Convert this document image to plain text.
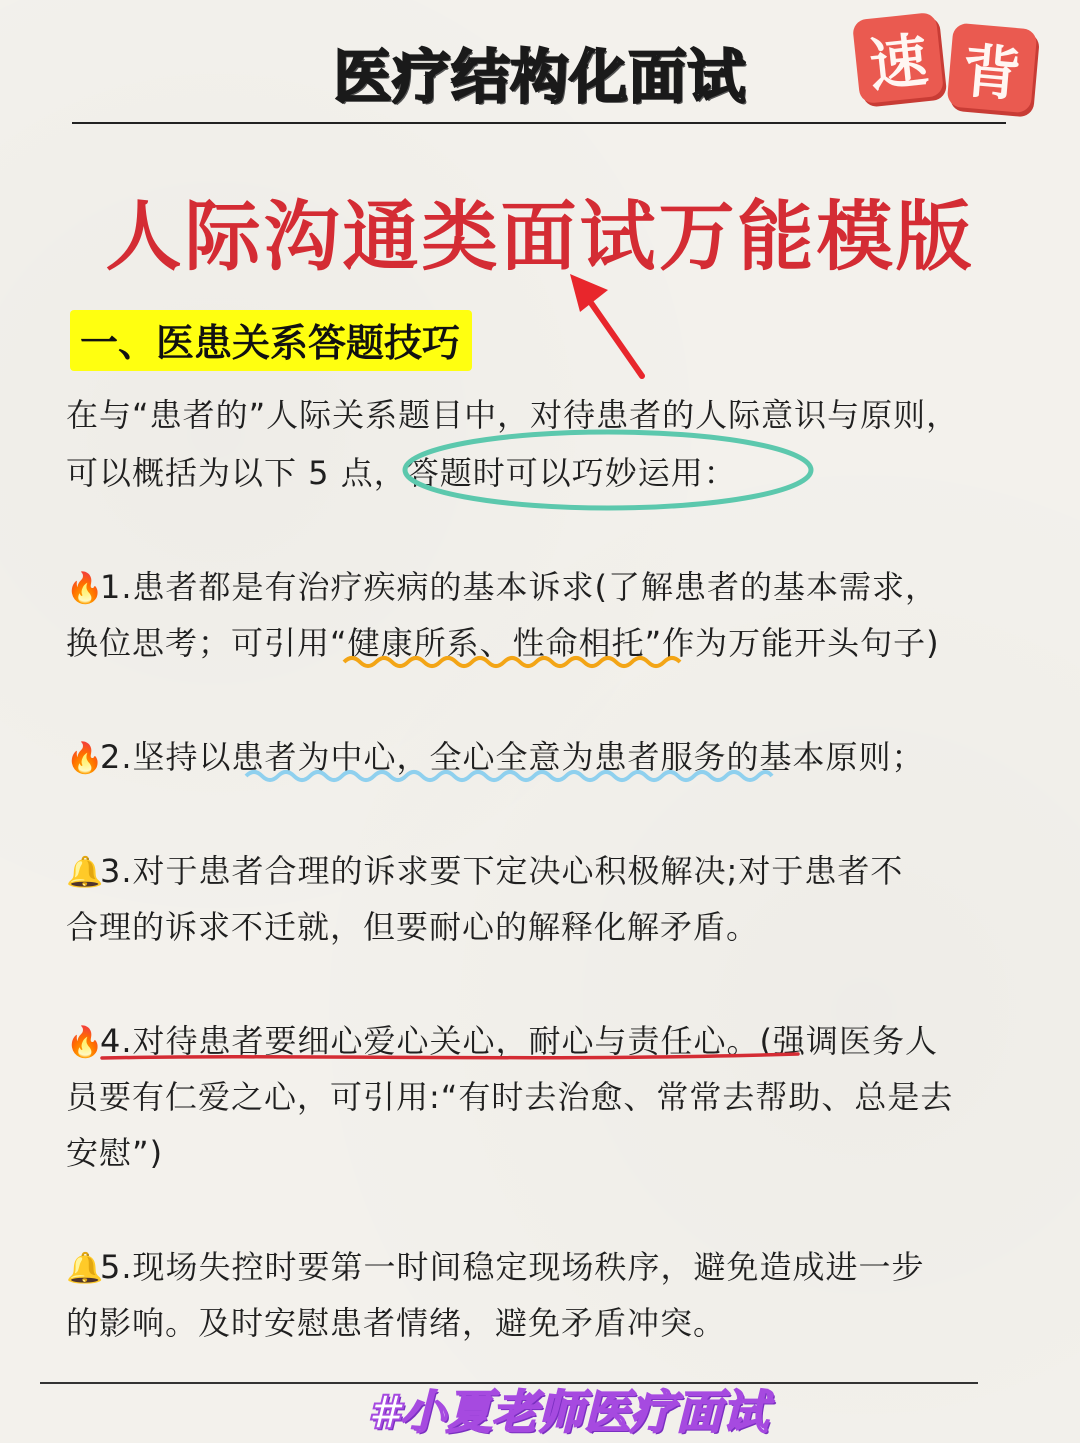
医疗结构化面试	速 背
人际沟通类面试万能模版
一、医患关系答题技巧
在与“患者的”人际关系题目中，对待患者的人际意识与原则，
可以概括为以下 5 点，答题时可以巧妙运用：
🔥1.患者都是有治疗疾病的基本诉求(了解患者的基本需求，
换位思考；可引用“健康所系、性命相托”作为万能开头句子)
🔥2.坚持以患者为中心，全心全意为患者服务的基本原则；
🔔3.对于患者合理的诉求要下定决心积极解决;对于患者不
合理的诉求不迁就，但要耐心的解释化解矛盾。
🔥4.对待患者要细心爱心关心，耐心与责任心。(强调医务人
员要有仁爱之心，可引用:“有时去治愈、常常去帮助、总是去
安慰”)
🔔5.现场失控时要第一时间稳定现场秩序，避免造成进一步
的影响。及时安慰患者情绪，避免矛盾冲突。
#小夏老师医疗面试
